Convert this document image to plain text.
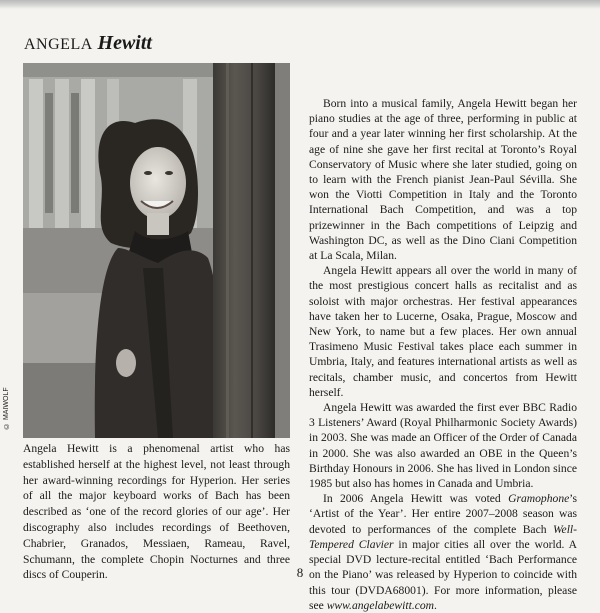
ANGELA Hewitt
© MAIWOLF

Angela Hewitt is a phenomenal artist who has established herself at the highest level, not least through her award-winning recordings for Hyperion. Her series of all the major keyboard works of Bach has been described as ‘one of the record glories of our age’. Her discography also includes recordings of Beethoven, Chabrier, Granados, Messiaen, Rameau, Ravel, Schumann, the complete Chopin Nocturnes and three discs of Couperin.

Born into a musical family, Angela Hewitt began her piano studies at the age of three, performing in public at four and a year later winning her first scholarship. At the age of nine she gave her first recital at Toronto’s Royal Conservatory of Music where she later studied, going on to learn with the French pianist Jean-Paul Sévilla. She won the Viotti Competition in Italy and the Toronto International Bach Competition, and was a top prizewinner in the Bach competitions of Leipzig and Washington DC, as well as the Dino Ciani Competition at La Scala, Milan.

Angela Hewitt appears all over the world in many of the most prestigious concert halls as recitalist and as soloist with major orchestras. Her festival appearances have taken her to Lucerne, Osaka, Prague, Moscow and New York, to name but a few places. Her own annual Trasimeno Music Festival takes place each summer in Umbria, Italy, and features international artists as well as recitals, chamber music, and concertos from Hewitt herself.

Angela Hewitt was awarded the first ever BBC Radio 3 Listeners’ Award (Royal Philharmonic Society Awards) in 2003. She was made an Officer of the Order of Canada in 2000. She was also awarded an OBE in the Queen’s Birthday Honours in 2006. She has lived in London since 1985 but also has homes in Canada and Umbria.

In 2006 Angela Hewitt was voted Gramophone’s ‘Artist of the Year’. Her entire 2007–2008 season was devoted to performances of the complete Bach Well-Tempered Clavier in major cities all over the world. A special DVD lecture-recital entitled ‘Bach Performance on the Piano’ was released by Hyperion to coincide with this tour (DVDA68001). For more information, please see www.angelabewitt.com.

8
